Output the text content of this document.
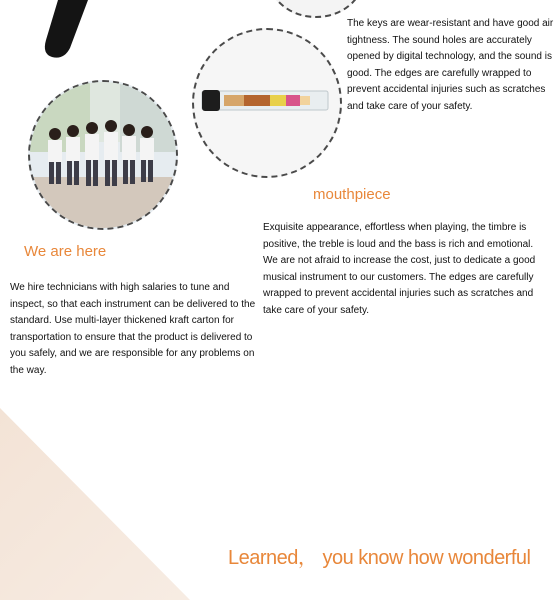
The keys are wear-resistant and have good air tightness. The sound holes are accurately opened by digital technology, and the sound is good. The edges are carefully wrapped to prevent accidental injuries such as scratches and take care of your safety.
mouthpiece
Exquisite appearance, effortless when playing, the timbre is positive, the treble is loud and the bass is rich and emotional. We are not afraid to increase the cost, just to dedicate a good musical instrument to our customers. The edges are carefully wrapped to prevent accidental injuries such as scratches and take care of your safety.
We are here
We hire technicians with high salaries to tune and inspect, so that each instrument can be delivered to the standard. Use multi-layer thickened kraft carton for transportation to ensure that the product is delivered to you safely, and we are responsible for any problems on the way.
Learned， you know how wonderful
